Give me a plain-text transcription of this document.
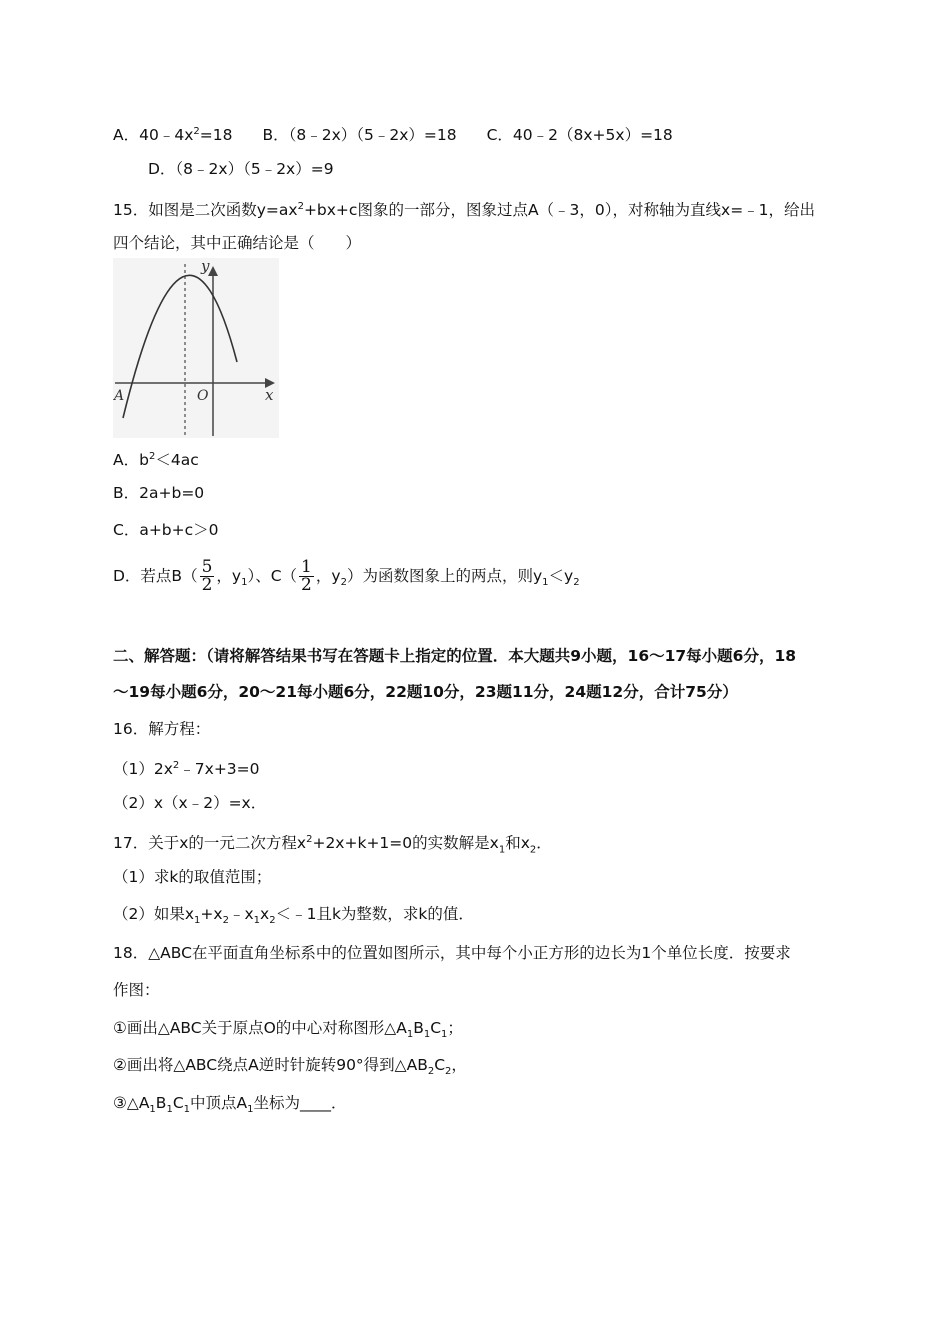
A．$40﹣4x^2=18$ B．（8﹣2x）（5﹣2x）=18 C．40﹣2（8x+5x）=18
D．（8﹣2x）（5﹣2x）=9
15．如图是二次函数$y=ax^2+bx+c$图象的一部分，图象过点A（﹣3，0），对称轴为直线x=﹣1，给出
四个结论，其中正确结论是（　　）
y
x
O
A
A．$b^2<4ac$
B．2a+b=0
C．a+b+c＞0
D．若点$B( \frac{5}{2}$ ，$y_1$）、$C( \frac{1}{2}$ ，$y_2$）为函数图象上的两点，则$y_1<y_2$
二、解答题：（请将解答结果书写在答题卡上指定的位置．本大题共9小题，16～17每小题6分，18
～19每小题6分，20～21每小题6分，22题10分，23题11分，24题12分，合计75分）
16．解方程：
$(1)2x^2﹣7x+3=0$
（2）x（x﹣2）=x．
17．关于x的一元二次方程$x^2+2x+k+1=0$的实数解是$x_1$和$x_2$．
（1）求k的取值范围；
（2）如果$x_1+x_2﹣x_1x_2<﹣1$且k为整数，求k的值．
18．△ABC在平面直角坐标系中的位置如图所示，其中每个小正方形的边长为1个单位长度．按要求
作图：
①画出△ABC关于原点O的中心对称图形$\triangle A_1B_1C_1$；
②画出将△ABC绕点A逆时针旋转90°得到$\triangle AB_2C_2$，
$③\triangle A_1B_1C_1$中顶点$A_1$坐标为____．
